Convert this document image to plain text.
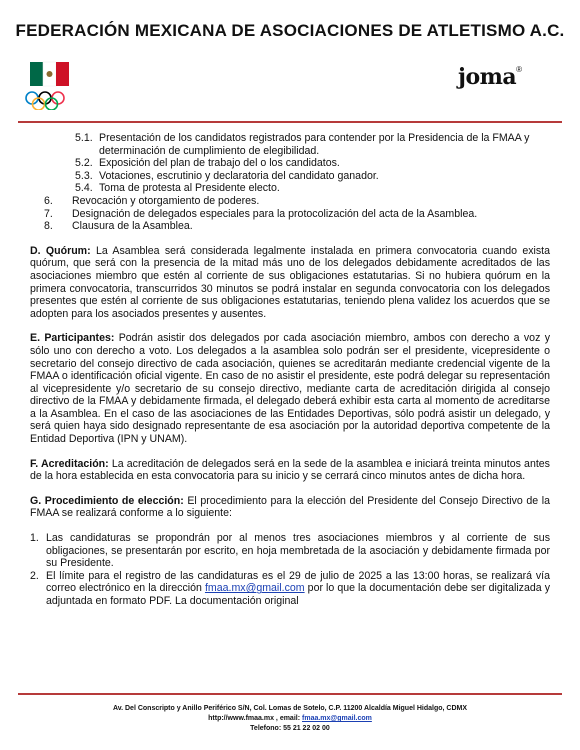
FEDERACIÓN MEXICANA DE ASOCIACIONES DE ATLETISMO A.C.
joma®
5.1. Presentación de los candidatos registrados para contender por la Presidencia de la FMAA y determinación de cumplimiento de elegibilidad.
5.2. Exposición del plan de trabajo del o los candidatos.
5.3. Votaciones, escrutinio y declaratoria del candidato ganador.
5.4. Toma de protesta al Presidente electo.
6.	Revocación y otorgamiento de poderes.
7.	Designación de delegados especiales para la protocolización del acta de la Asamblea.
8.	Clausura de la Asamblea.

D. Quórum: La Asamblea será considerada legalmente instalada en primera convocatoria cuando exista quórum, que será con la presencia de la mitad más uno de los delegados debidamente acreditados de las asociaciones miembro que estén al corriente de sus obligaciones estatutarias. Si no hubiera quórum en la primera convocatoria, transcurridos 30 minutos se podrá instalar en segunda convocatoria con los delegados presentes que estén al corriente de sus obligaciones estatutarias, teniendo plena validez los acuerdos que se adopten para los asociados presentes y ausentes.

E. Participantes: Podrán asistir dos delegados por cada asociación miembro, ambos con derecho a voz y sólo uno con derecho a voto. Los delegados a la asamblea solo podrán ser el presidente, vicepresidente o secretario del consejo directivo de cada asociación, quienes se acreditarán mediante credencial vigente de la FMAA o identificación oficial vigente. En caso de no asistir el presidente, este podrá delegar su representación al vicepresidente y/o secretario de su consejo directivo, mediante carta de acreditación dirigida al consejo directivo de la FMAA y debidamente firmada, el delegado deberá exhibir esta carta al momento de acreditarse a la Asamblea. En el caso de las asociaciones de las Entidades Deportivas, sólo podrá asistir un delegado, y será quien haya sido designado representante de esa asociación por la autoridad deportiva competente de la Entidad Deportiva (IPN y UNAM).

F. Acreditación: La acreditación de delegados será en la sede de la asamblea e iniciará treinta minutos antes de la hora establecida en esta convocatoria para su inicio y se cerrará cinco minutos antes de dicha hora.

G. Procedimiento de elección: El procedimiento para la elección del Presidente del Consejo Directivo de la FMAA se realizará conforme a lo siguiente:

1. Las candidaturas se propondrán por al menos tres asociaciones miembros y al corriente de sus obligaciones, se presentarán por escrito, en hoja membretada de la asociación y debidamente firmada por su Presidente.

2. El límite para el registro de las candidaturas es el 29 de julio de 2025 a las 13:00 horas, se realizará vía correo electrónico en la dirección fmaa.mx@gmail.com por lo que la documentación debe ser digitalizada y adjuntada en formato PDF. La documentación original

Av. Del Conscripto y Anillo Periférico S/N, Col. Lomas de Sotelo, C.P. 11200 Alcaldía Miguel Hidalgo, CDMX
http://www.fmaa.mx , email: fmaa.mx@gmail.com
Telefono: 55 21 22 02 00
